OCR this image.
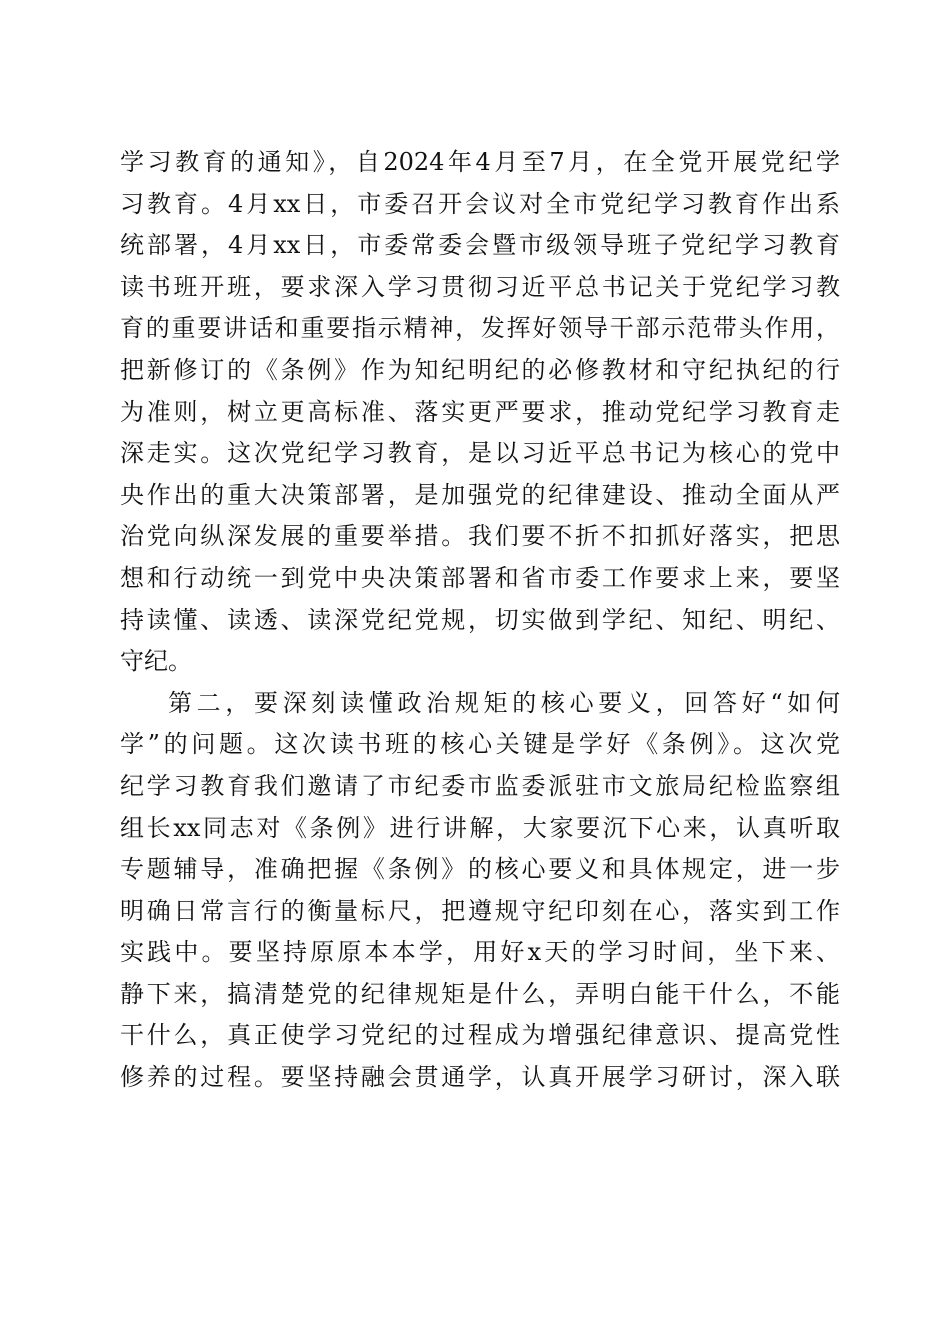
学习教育的通知》，自2024年4月至7月，在全党开展党纪学
习教育。4月xx日，市委召开会议对全市党纪学习教育作出系
统部署，4月xx日，市委常委会暨市级领导班子党纪学习教育
读书班开班，要求深入学习贯彻习近平总书记关于党纪学习教
育的重要讲话和重要指示精神，发挥好领导干部示范带头作用，
把新修订的《条例》作为知纪明纪的必修教材和守纪执纪的行
为准则，树立更高标准、落实更严要求，推动党纪学习教育走
深走实。这次党纪学习教育，是以习近平总书记为核心的党中
央作出的重大决策部署，是加强党的纪律建设、推动全面从严
治党向纵深发展的重要举措。我们要不折不扣抓好落实，把思
想和行动统一到党中央决策部署和省市委工作要求上来，要坚
持读懂、读透、读深党纪党规，切实做到学纪、知纪、明纪、
守纪。
第二，要深刻读懂政治规矩的核心要义，回答好“如何
学”的问题。这次读书班的核心关键是学好《条例》。这次党
纪学习教育我们邀请了市纪委市监委派驻市文旅局纪检监察组
组长xx同志对《条例》进行讲解，大家要沉下心来，认真听取
专题辅导，准确把握《条例》的核心要义和具体规定，进一步
明确日常言行的衡量标尺，把遵规守纪印刻在心，落实到工作
实践中。要坚持原原本本学，用好x天的学习时间，坐下来、
静下来，搞清楚党的纪律规矩是什么，弄明白能干什么，不能
干什么，真正使学习党纪的过程成为增强纪律意识、提高党性
修养的过程。要坚持融会贯通学，认真开展学习研讨，深入联
